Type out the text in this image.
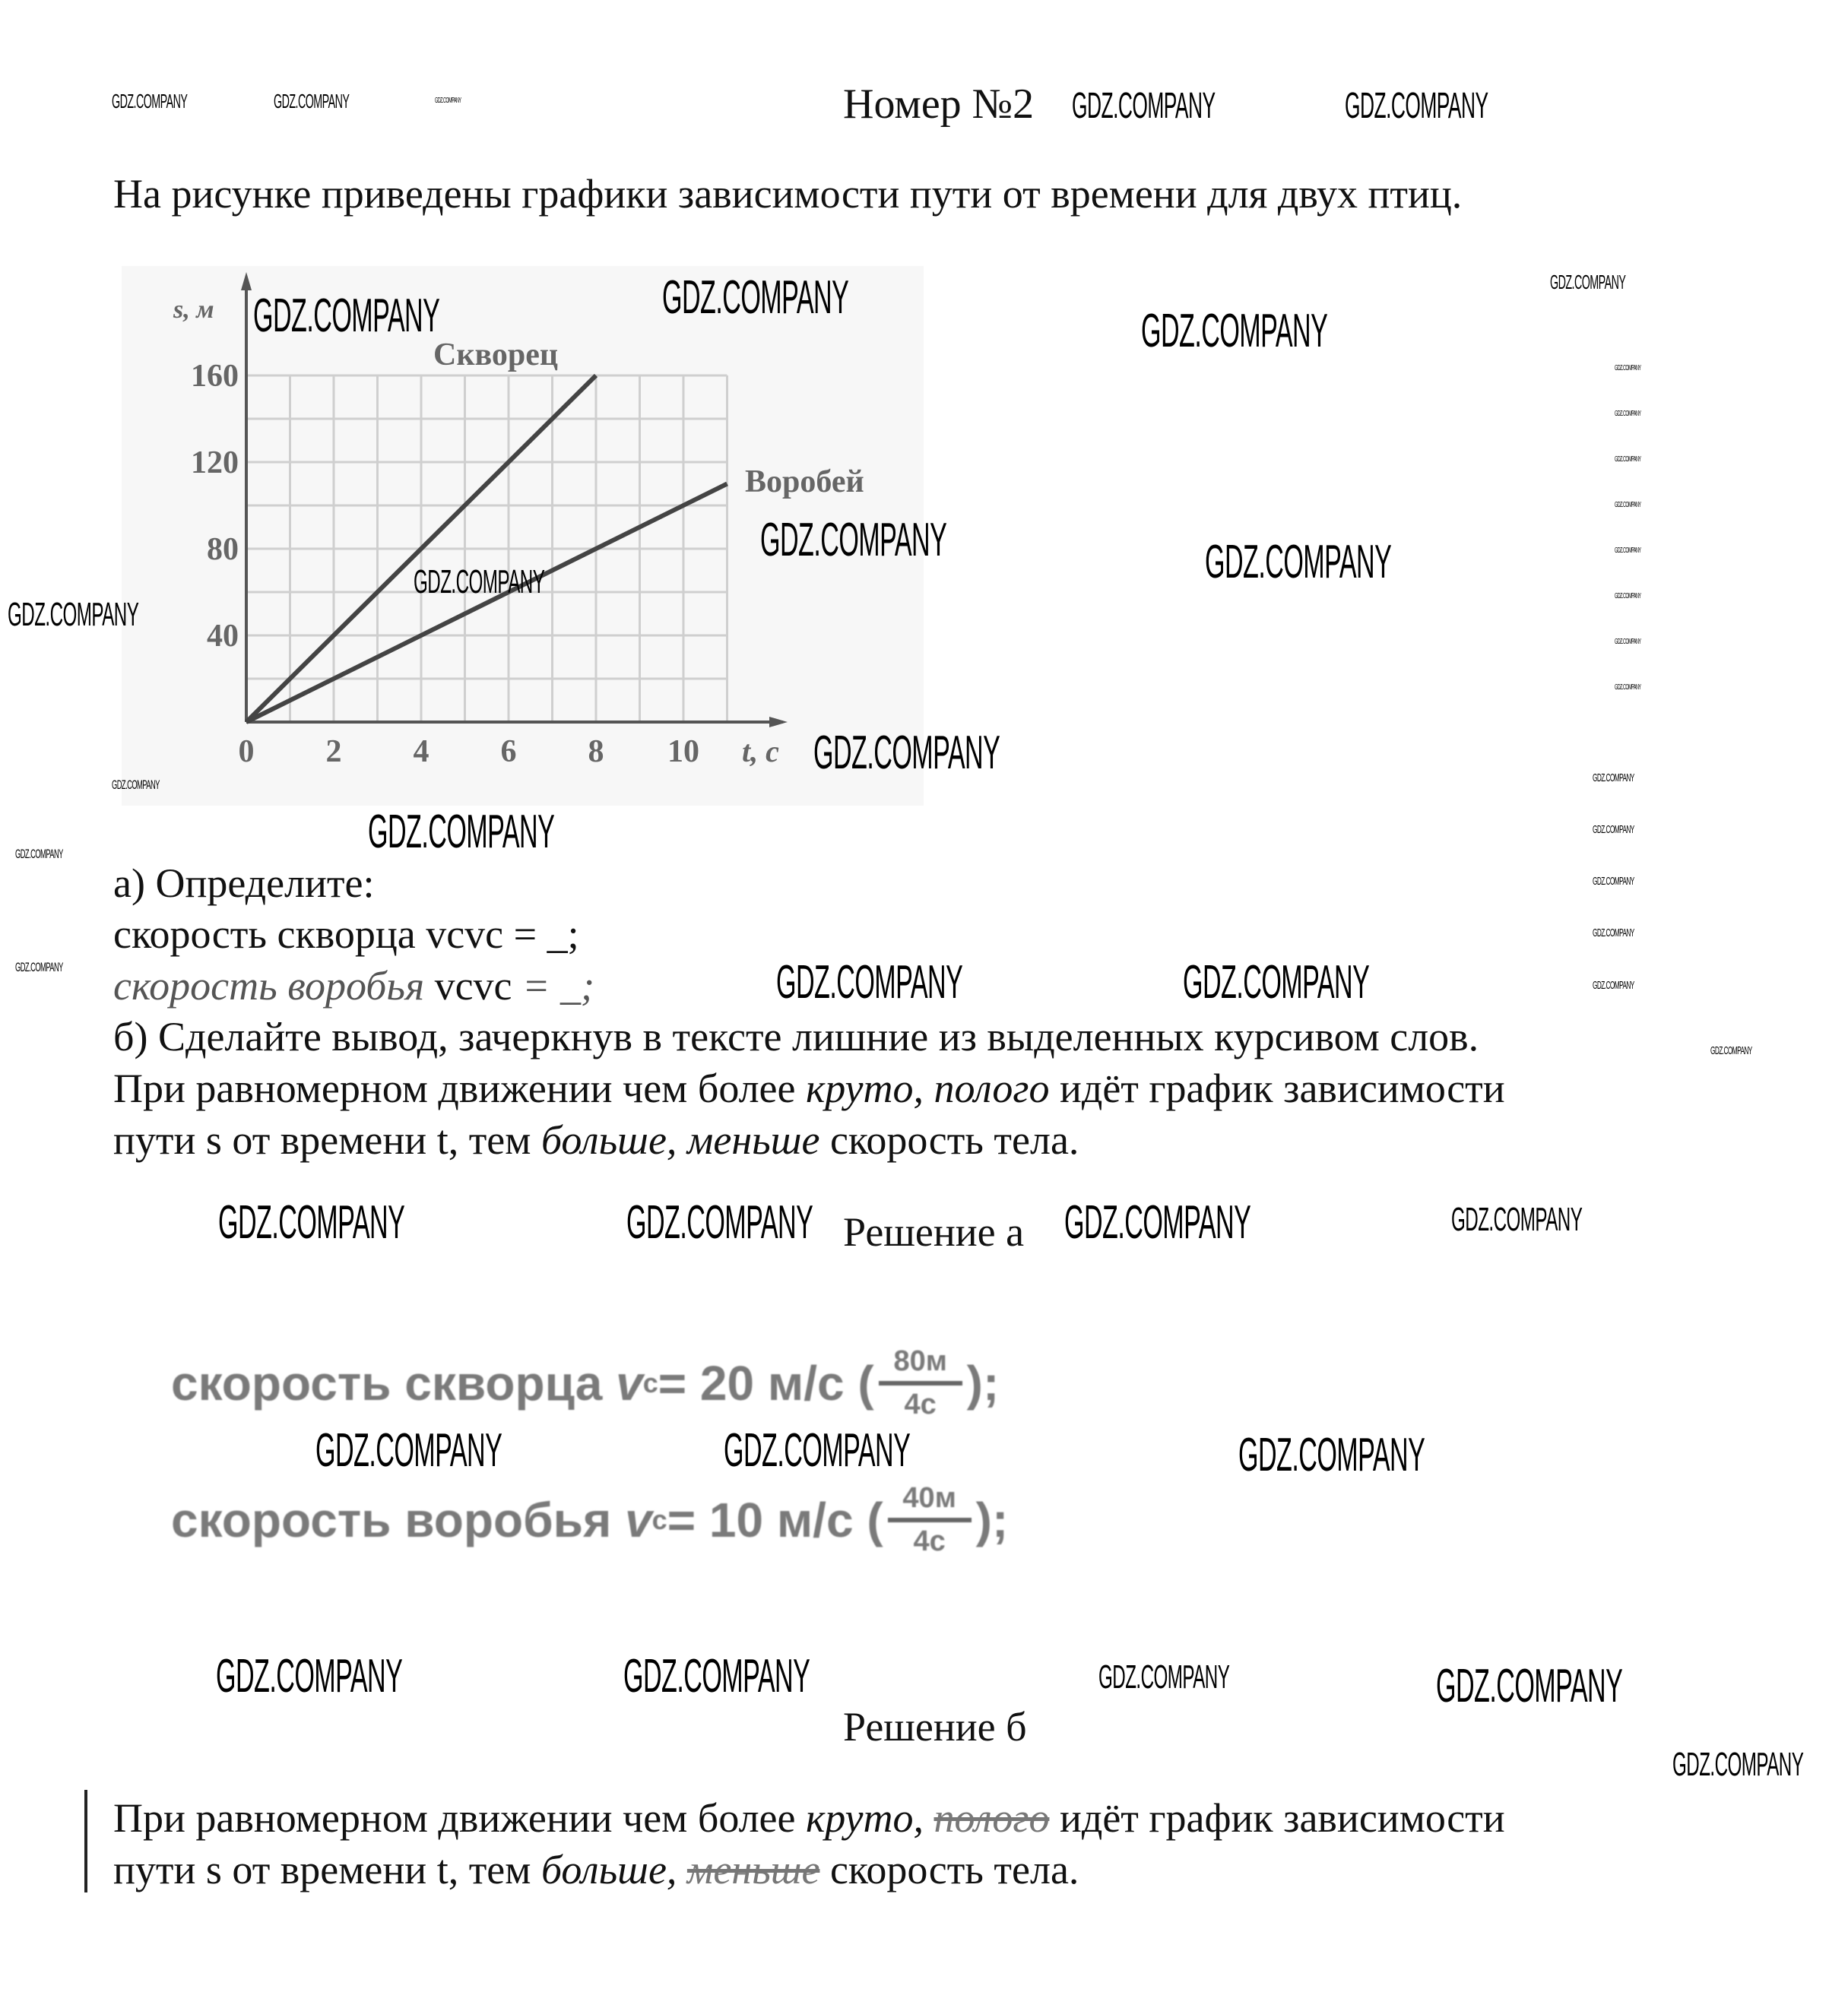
Номер №2
На рисунке приведены графики зависимости пути от времени для двух птиц.
0 2 4 6 8 10
40
80
120
160
s, м
t, с
Скворец
Воробей
а) Определите:
скорость скворца vcvc = _;
скорость воробья vcvc = _;
б) Сделайте вывод, зачеркнув в тексте лишние из выделенных курсивом слов.
При равномерном движении чем более круто, полого идёт график зависимости
пути s от времени t, тем больше, меньше скорость тела.
Решение а
скорость скворца
v c = 20 м/с ( 80м
4с );
скорость воробья
v c = 10 м/с ( 40м
4с );
Решение б
При равномерном движении чем более круто, полого идёт график зависимости
пути s от времени t, тем больше, меньше скорость тела.
GDZ.COMPANY	GDZ.COMPANY
GDZ.COMPANY
GDZ.COMPANY	GDZ.COMPANY
GDZ.COMPANY
GDZ.COMPANY
GDZ.COMPANY	GDZ.COMPANY
GDZ.COMPANY	GDZ.COMPANY	GDZ.COMPANY
GDZ.COMPANY	GDZ.COMPANY	GDZ.COMPANY
GDZ.COMPANY	GDZ.COMPANY	GDZ.COMPANY
GDZ.COMPANY
GDZ.COMPANY
GDZ.COMPANY
GDZ.COMPANY
GDZ.COMPANY
GDZ.COMPANY	GDZ.COMPANY
GDZ.COMPANY	GDZ.COMPANY
GDZ.COMPANY
GDZ.COMPANY
GDZ.COMPANY
GDZ.COMPANY
GDZ.COMPANY
GDZ.COMPANY
GDZ.COMPANY
GDZ.COMPANY
GDZ.COMPANY
GDZ.COMPANY
GDZ.COMPANY
GDZ.COMPANY
GDZ.COMPANY
GDZ.COMPANY
GDZ.COMPANY
GDZ.COMPANY
GDZ.COMPANY
GDZ.COMPANY
GDZ.COMPANY
